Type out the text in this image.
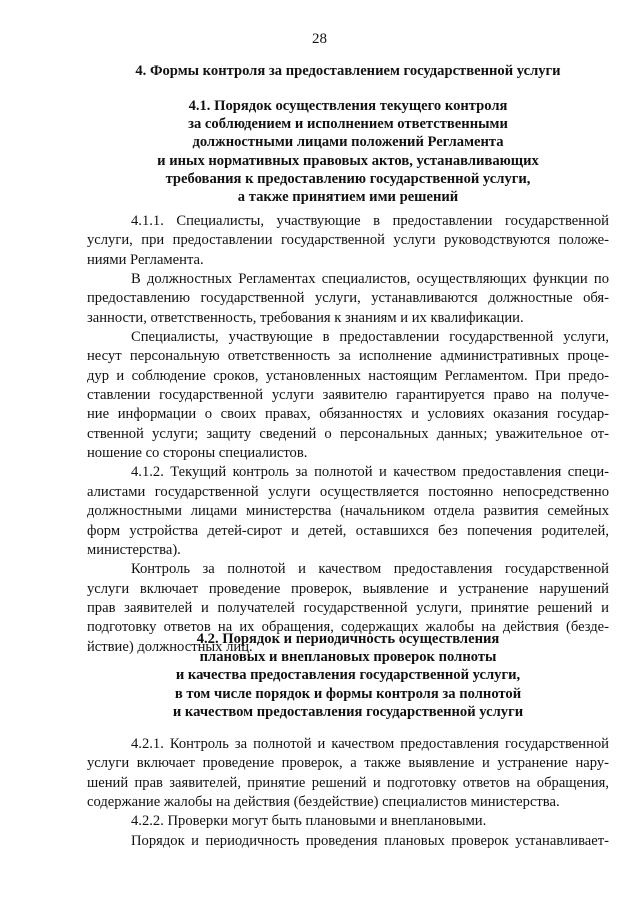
28
4. Формы контроля за предоставлением государственной услуги
4.1. Порядок осуществления текущего контроля
за соблюдением и исполнением ответственными
должностными лицами положений Регламента
и иных нормативных правовых актов, устанавливающих
требования к предоставлению государственной услуги,
а также принятием ими решений
4.1.1. Специалисты, участвующие в предоставлении государственной
услуги, при предоставлении государственной услуги руководствуются положе-
ниями Регламента.
В должностных Регламентах специалистов, осуществляющих функции по
предоставлению государственной услуги, устанавливаются должностные обя-
занности, ответственность, требования к знаниям и их квалификации.
Специалисты, участвующие в предоставлении государственной услуги,
несут персональную ответственность за исполнение административных проце-
дур и соблюдение сроков, установленных настоящим Регламентом. При предо-
ставлении государственной услуги заявителю гарантируется право на получе-
ние информации о своих правах, обязанностях и условиях оказания государ-
ственной услуги; защиту сведений о персональных данных; уважительное от-
ношение со стороны специалистов.
4.1.2. Текущий контроль за полнотой и качеством предоставления специ-
алистами государственной услуги осуществляется постоянно непосредственно
должностными лицами министерства (начальником отдела развития семейных
форм устройства детей-сирот и детей, оставшихся без попечения родителей,
министерства).
Контроль за полнотой и качеством предоставления государственной
услуги включает проведение проверок, выявление и устранение нарушений
прав заявителей и получателей государственной услуги, принятие решений и
подготовку ответов на их обращения, содержащих жалобы на действия (безде-
йствие) должностных лиц.
4.2. Порядок и периодичность осуществления
плановых и внеплановых проверок полноты
и качества предоставления государственной услуги,
в том числе порядок и формы контроля за полнотой
и качеством предоставления государственной услуги
4.2.1. Контроль за полнотой и качеством предоставления государственной
услуги включает проведение проверок, а также выявление и устранение нару-
шений прав заявителей, принятие решений и подготовку ответов на обращения,
содержание жалобы на действия (бездействие) специалистов министерства.
4.2.2. Проверки могут быть плановыми и внеплановыми.
Порядок и периодичность проведения плановых проверок устанавливает-
